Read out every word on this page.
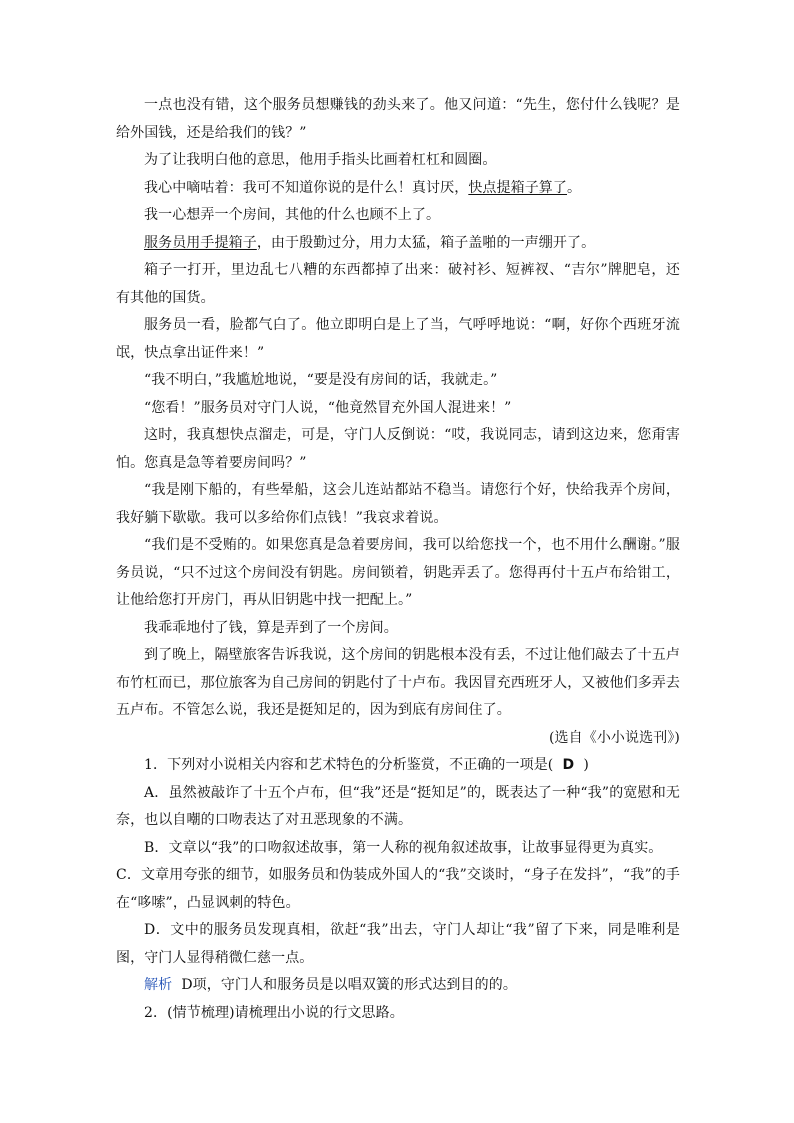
一点也没有错，这个服务员想赚钱的劲头来了。他又问道：“先生，您付什么钱呢？是给外国钱，还是给我们的钱？”

为了让我明白他的意思，他用手指头比画着杠杠和圆圈。

我心中嘀咕着：我可不知道你说的是什么！真讨厌，快点提箱子算了。

我一心想弄一个房间，其他的什么也顾不上了。

服务员用手提箱子，由于殷勤过分，用力太猛，箱子盖啪的一声绷开了。

箱子一打开，里边乱七八糟的东西都掉了出来：破衬衫、短裤衩、“吉尔”牌肥皂，还有其他的国货。

服务员一看，脸都气白了。他立即明白是上了当，气呼呼地说：“啊，好你个西班牙流氓，快点拿出证件来！”

“我不明白，”我尴尬地说，“要是没有房间的话，我就走。”

“您看！”服务员对守门人说，“他竟然冒充外国人混进来！”

这时，我真想快点溜走，可是，守门人反倒说：“哎，我说同志，请到这边来，您甭害怕。您真是急等着要房间吗？”

“我是刚下船的，有些晕船，这会儿连站都站不稳当。请您行个好，快给我弄个房间，我好躺下歇歇。我可以多给你们点钱！”我哀求着说。

“我们是不受贿的。如果您真是急着要房间，我可以给您找一个，也不用什么酬谢。”服务员说，“只不过这个房间没有钥匙。房间锁着，钥匙弄丢了。您得再付十五卢布给钳工，让他给您打开房门，再从旧钥匙中找一把配上。”

我乖乖地付了钱，算是弄到了一个房间。

到了晚上，隔壁旅客告诉我说，这个房间的钥匙根本没有丢，不过让他们敲去了十五卢布竹杠而已，那位旅客为自己房间的钥匙付了十卢布。我因冒充西班牙人，又被他们多弄去五卢布。不管怎么说，我还是挺知足的，因为到底有房间住了。

(选自《小小说选刊》)

1．下列对小说相关内容和艺术特色的分析鉴赏，不正确的一项是( D )

A．虽然被敲诈了十五个卢布，但“我”还是“挺知足”的，既表达了一种“我”的宽慰和无奈，也以自嘲的口吻表达了对丑恶现象的不满。

B．文章以“我”的口吻叙述故事，第一人称的视角叙述故事，让故事显得更为真实。

C．文章用夸张的细节，如服务员和伪装成外国人的“我”交谈时，“身子在发抖”，“我”的手在“哆嗦”，凸显讽刺的特色。

D．文中的服务员发现真相，欲赶“我”出去，守门人却让“我”留了下来，同是唯利是图，守门人显得稍微仁慈一点。

解析 D项，守门人和服务员是以唱双簧的形式达到目的的。

2．(情节梳理)请梳理出小说的行文思路。
